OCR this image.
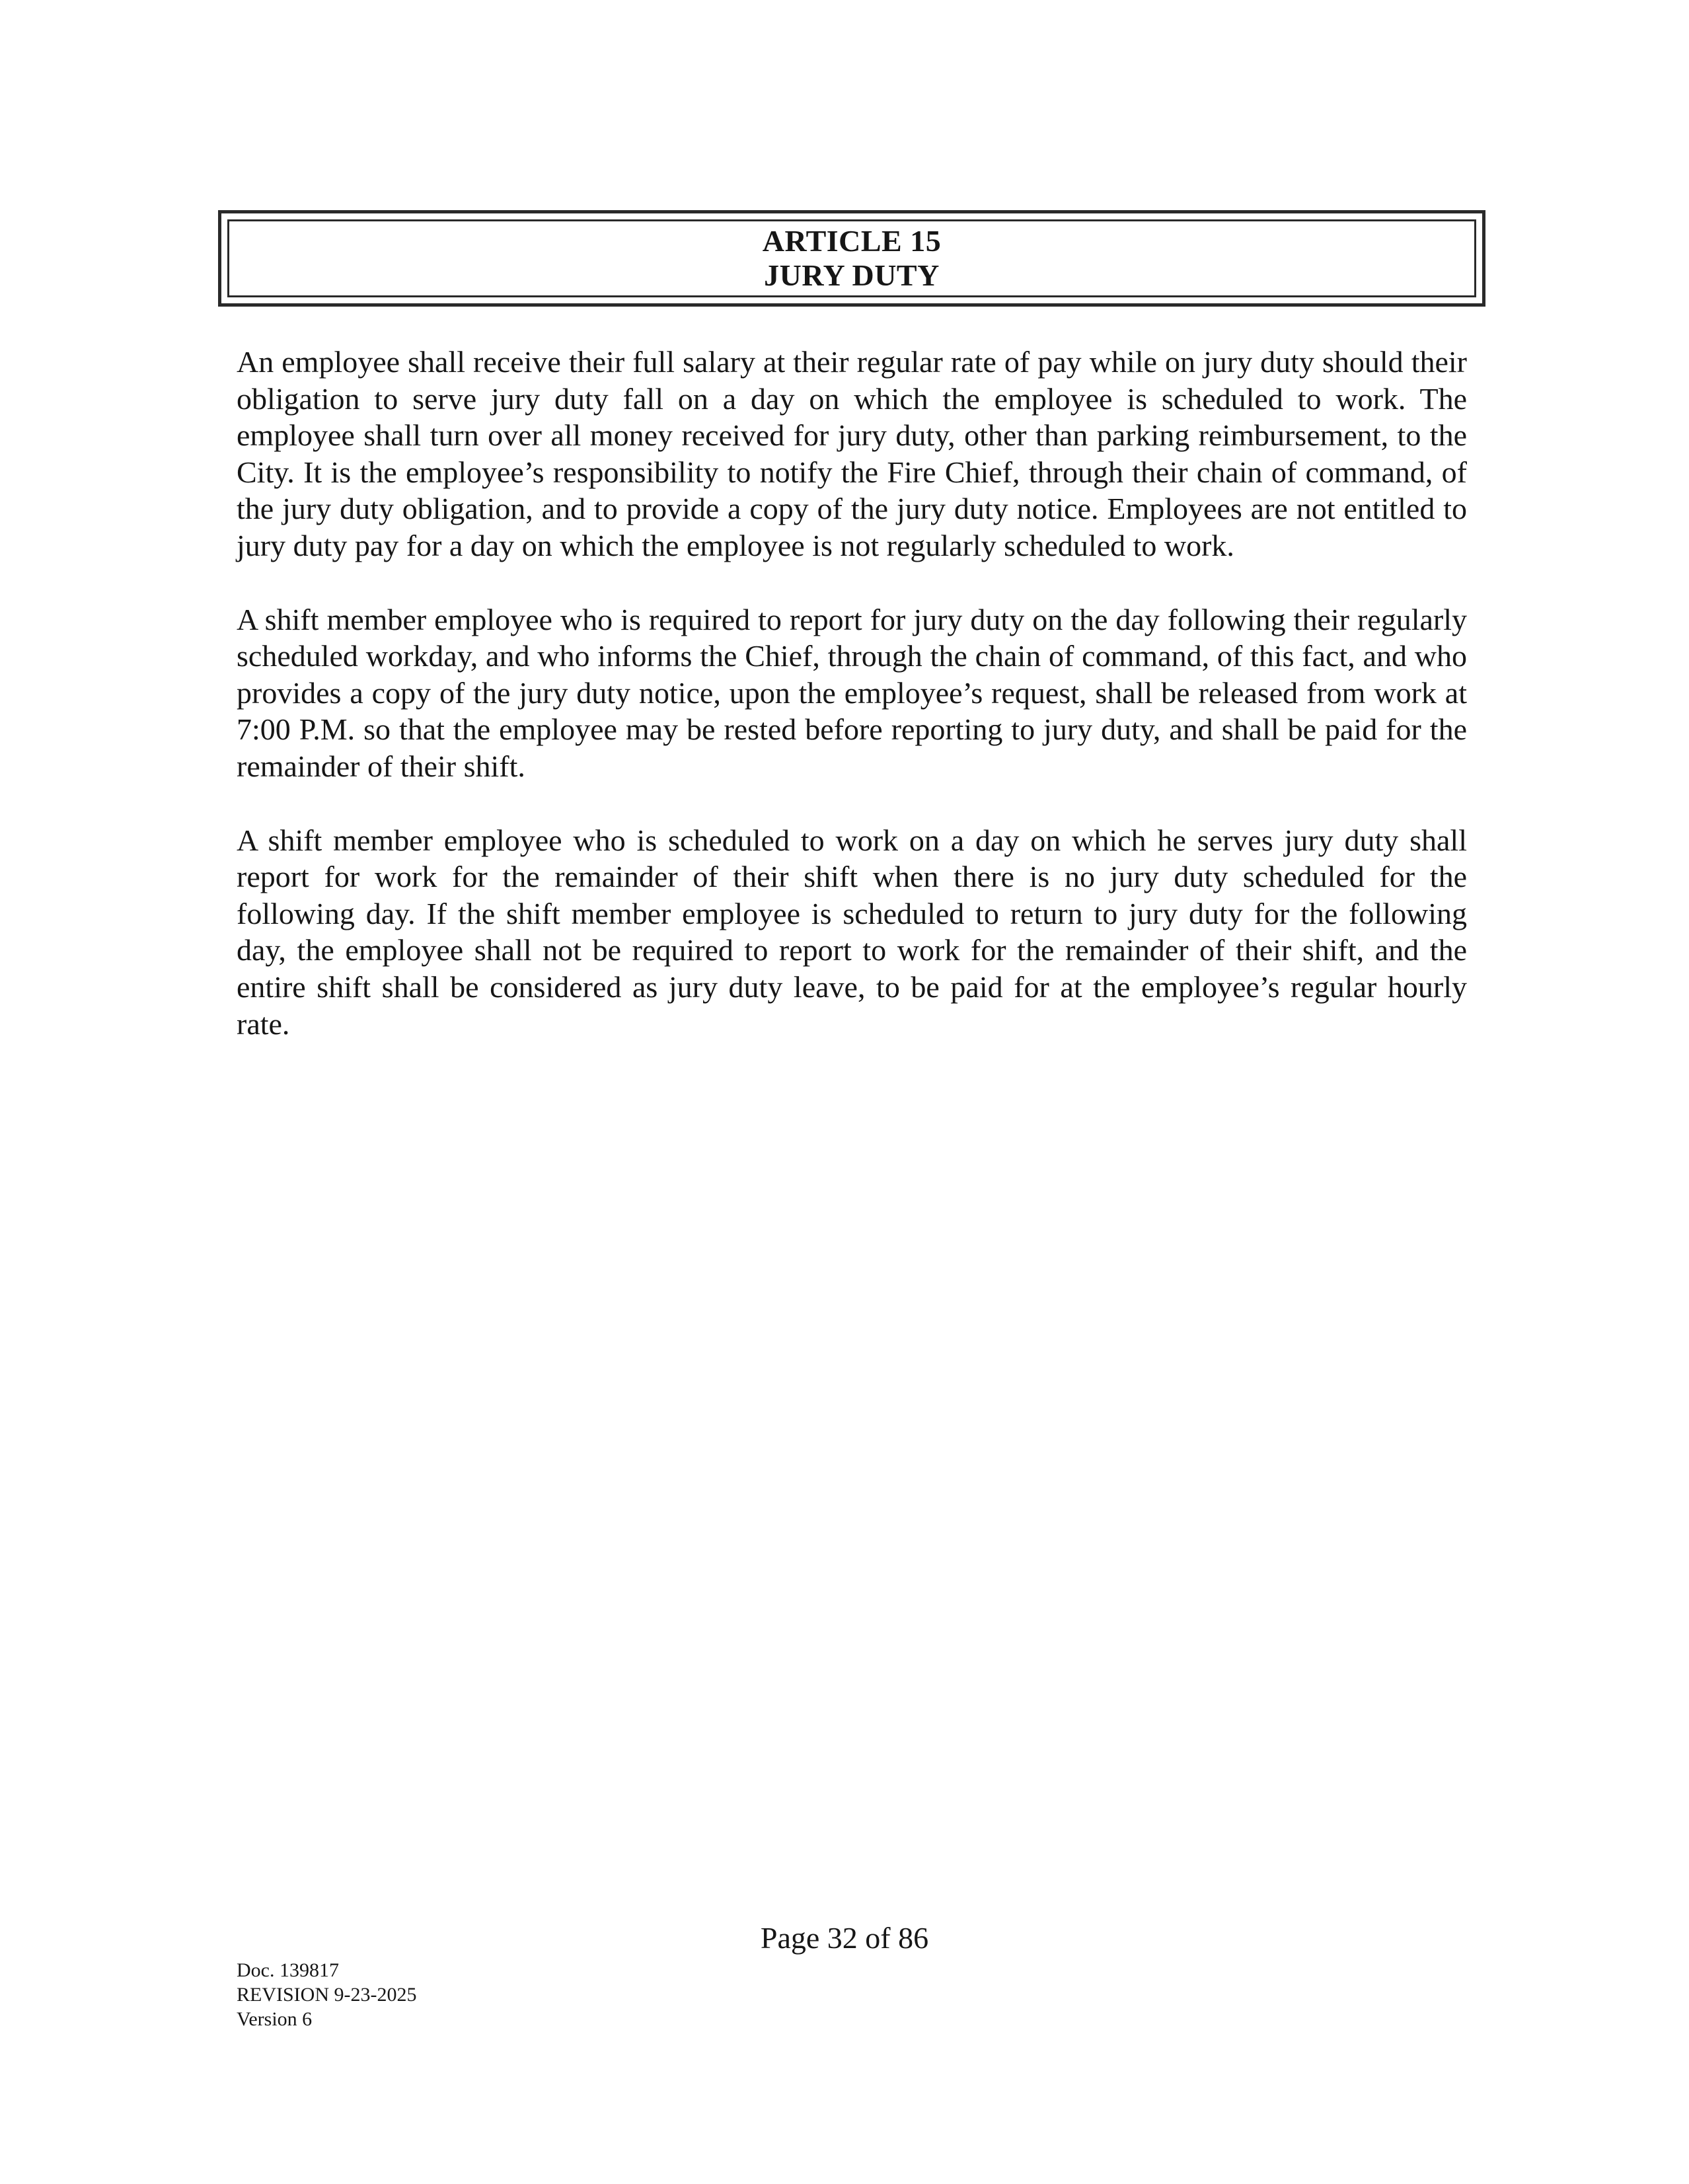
ARTICLE 15
JURY DUTY

An employee shall receive their full salary at their regular rate of pay while on jury duty should their obligation to serve jury duty fall on a day on which the employee is scheduled to work. The employee shall turn over all money received for jury duty, other than parking reimbursement, to the City. It is the employee’s responsibility to notify the Fire Chief, through their chain of command, of the jury duty obligation, and to provide a copy of the jury duty notice. Employees are not entitled to jury duty pay for a day on which the employee is not regularly scheduled to work.

A shift member employee who is required to report for jury duty on the day following their regularly scheduled workday, and who informs the Chief, through the chain of command, of this fact, and who provides a copy of the jury duty notice, upon the employee’s request, shall be released from work at 7:00 P.M. so that the employee may be rested before reporting to jury duty, and shall be paid for the remainder of their shift.

A shift member employee who is scheduled to work on a day on which he serves jury duty shall report for work for the remainder of their shift when there is no jury duty scheduled for the following day. If the shift member employee is scheduled to return to jury duty for the following day, the employee shall not be required to report to work for the remainder of their shift, and the entire shift shall be considered as jury duty leave, to be paid for at the employee’s regular hourly rate.

Page 32 of 86
Doc. 139817
REVISION 9-23-2025
Version 6
